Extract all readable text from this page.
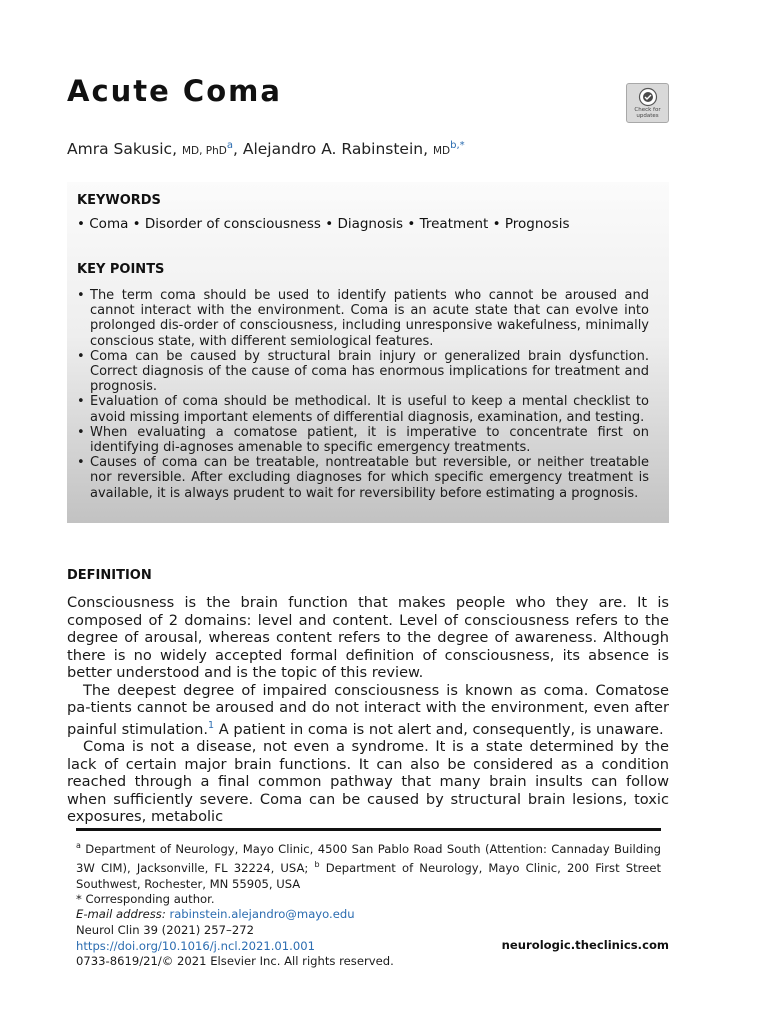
Acute Coma
Check for
updates
Amra Sakusic, MD, PhD$^a$, Alejandro A. Rabinstein, $MD^{b,*}$
KEYWORDS
• Coma • Disorder of consciousness • Diagnosis • Treatment • Prognosis
KEY POINTS
• The term coma should be used to identify patients who cannot be aroused and cannot interact with the environment. Coma is an acute state that can evolve into prolonged dis-order of consciousness, including unresponsive wakefulness, minimally conscious state, with different semiological features.
• Coma can be caused by structural brain injury or generalized brain dysfunction. Correct diagnosis of the cause of coma has enormous implications for treatment and prognosis.
• Evaluation of coma should be methodical. It is useful to keep a mental checklist to avoid missing important elements of differential diagnosis, examination, and testing.
• When evaluating a comatose patient, it is imperative to concentrate first on identifying di-agnoses amenable to specific emergency treatments.
• Causes of coma can be treatable, nontreatable but reversible, or neither treatable nor reversible. After excluding diagnoses for which specific emergency treatment is available, it is always prudent to wait for reversibility before estimating a prognosis.
DEFINITION

Consciousness is the brain function that makes people who they are. It is composed of 2 domains: level and content. Level of consciousness refers to the degree of arousal, whereas content refers to the degree of awareness. Although there is no widely accepted formal definition of consciousness, its absence is better understood and is the topic of this review.

The deepest degree of impaired consciousness is known as coma. Comatose pa-tients cannot be aroused and do not interact with the environment, even after painful stimulation.$^1$ A patient in coma is not alert and, consequently, is unaware.

Coma is not a disease, not even a syndrome. It is a state determined by the lack of certain major brain functions. It can also be considered as a condition reached through a final common pathway that many brain insults can follow when sufficiently severe. Coma can be caused by structural brain lesions, toxic exposures, metabolic

$^a$ Department of Neurology, Mayo Clinic, 4500 San Pablo Road South (Attention: Cannaday Building 3W CIM), Jacksonville, FL 32224, USA; $^b$ Department of Neurology, Mayo Clinic, 200 First Street Southwest, Rochester, MN 55905, USA

* Corresponding author.

E-mail address: rabinstein.alejandro@mayo.edu

Neurol Clin 39 (2021) 257–272
https://doi.org/10.1016/j.ncl.2021.01.001
0733-8619/21/© 2021 Elsevier Inc. All rights reserved.
neurologic.theclinics.com
